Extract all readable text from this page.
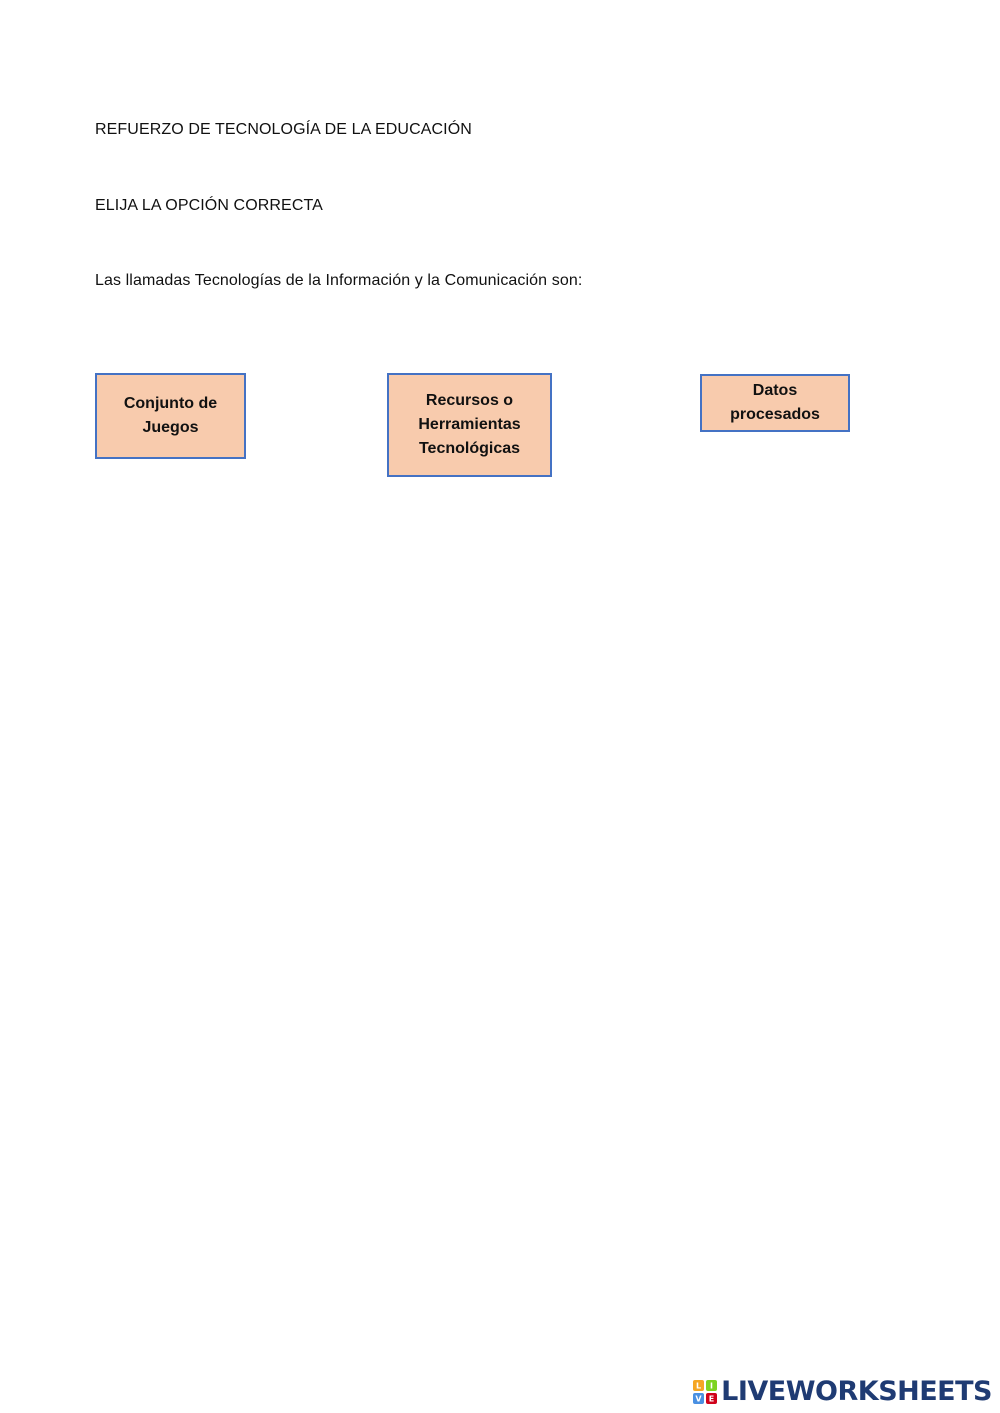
REFUERZO DE TECNOLOGÍA DE LA EDUCACIÓN
ELIJA LA OPCIÓN CORRECTA
Las llamadas Tecnologías de la Información y la Comunicación son:
Conjunto de
Juegos
Recursos o
Herramientas
Tecnológicas
Datos
procesados
L I
V E LIVEWORKSHEETS
